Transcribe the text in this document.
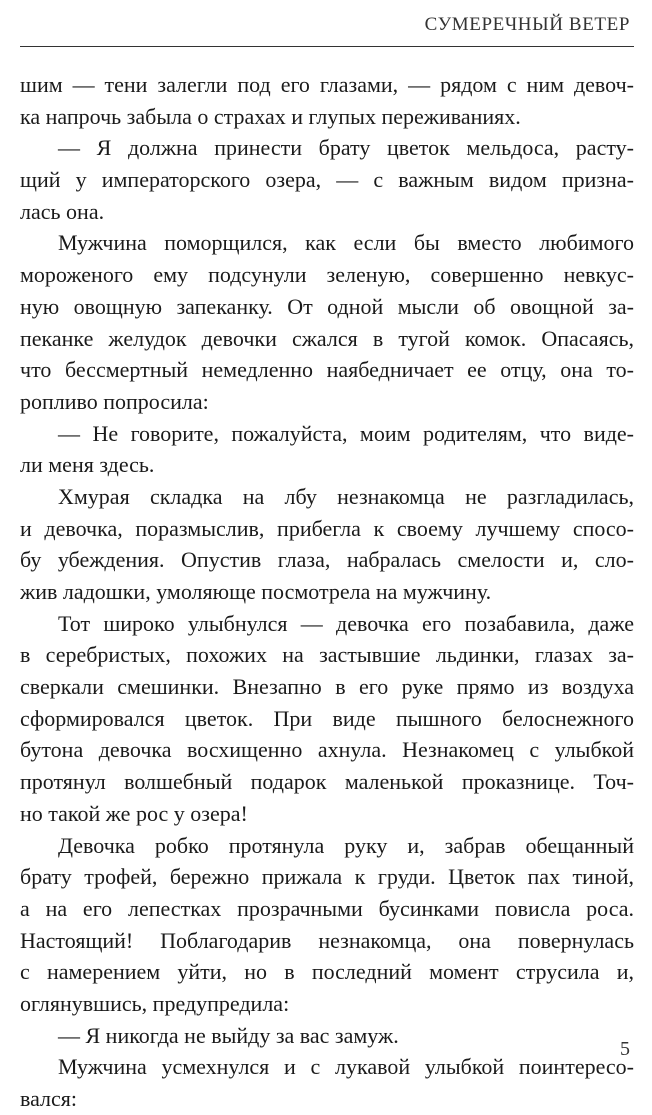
СУМЕРЕЧНЫЙ ВЕТЕР
шим — тени залегли под его глазами, — рядом с ним девоч-
ка напрочь забыла о страхах и глупых переживаниях.
— Я должна принести брату цветок мельдоса, расту-
щий у императорского озера, — с важным видом призна-
лась она.
Мужчина поморщился, как если бы вместо любимого
мороженого ему подсунули зеленую, совершенно невкус-
ную овощную запеканку. От одной мысли об овощной за-
пеканке желудок девочки сжался в тугой комок. Опасаясь,
что бессмертный немедленно наябедничает ее отцу, она то-
ропливо попросила:
— Не говорите, пожалуйста, моим родителям, что виде-
ли меня здесь.
Хмурая складка на лбу незнакомца не разгладилась,
и девочка, поразмыслив, прибегла к своему лучшему спосо-
бу убеждения. Опустив глаза, набралась смелости и, сло-
жив ладошки, умоляюще посмотрела на мужчину.
Тот широко улыбнулся — девочка его позабавила, даже
в серебристых, похожих на застывшие льдинки, глазах за-
сверкали смешинки. Внезапно в его руке прямо из воздуха
сформировался цветок. При виде пышного белоснежного
бутона девочка восхищенно ахнула. Незнакомец с улыбкой
протянул волшебный подарок маленькой проказнице. Точ-
но такой же рос у озера!
Девочка робко протянула руку и, забрав обещанный
брату трофей, бережно прижала к груди. Цветок пах тиной,
а на его лепестках прозрачными бусинками повисла роса.
Настоящий! Поблагодарив незнакомца, она повернулась
с намерением уйти, но в последний момент струсила и,
оглянувшись, предупредила:
— Я никогда не выйду за вас замуж.
Мужчина усмехнулся и с лукавой улыбкой поинтересо-
вался:
5
